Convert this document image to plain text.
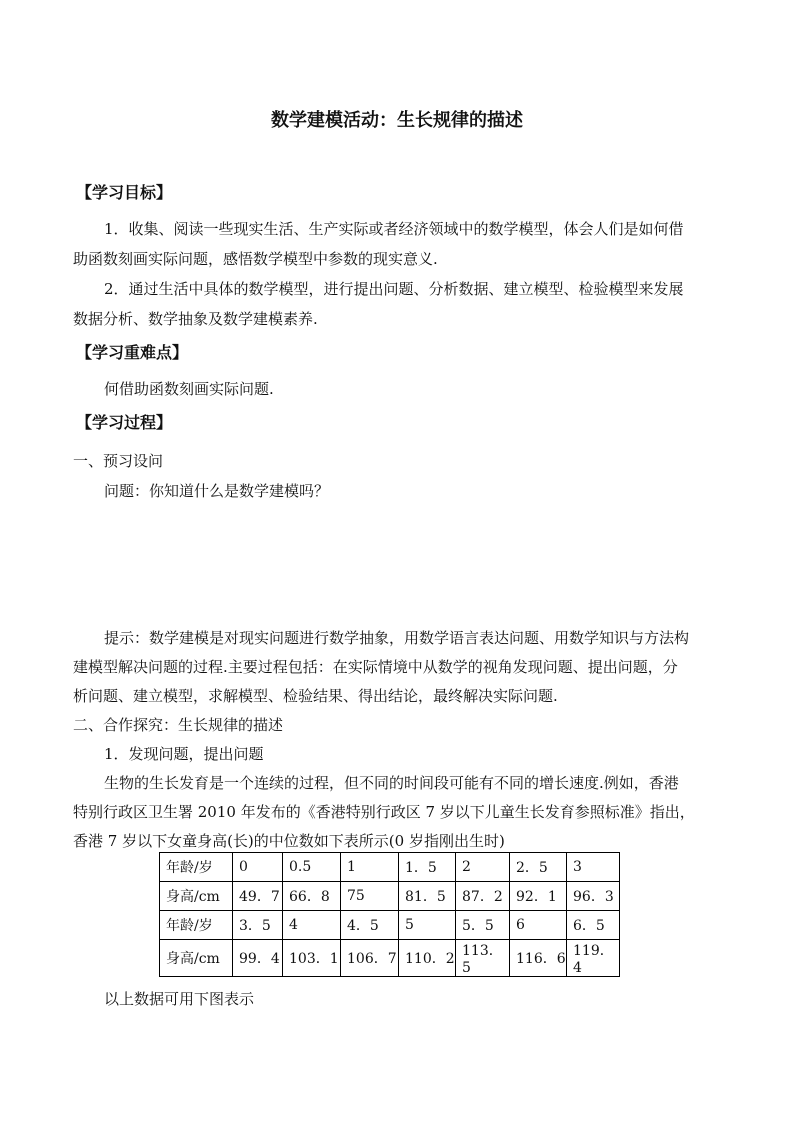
数学建模活动：生长规律的描述
【学习目标】
1．收集、阅读一些现实生活、生产实际或者经济领域中的数学模型，体会人们是如何借
助函数刻画实际问题，感悟数学模型中参数的现实意义.
2．通过生活中具体的数学模型，进行提出问题、分析数据、建立模型、检验模型来发展
数据分析、数学抽象及数学建模素养.
【学习重难点】
何借助函数刻画实际问题.
【学习过程】
一、预习设问
问题：你知道什么是数学建模吗？
提示：数学建模是对现实问题进行数学抽象，用数学语言表达问题、用数学知识与方法构
建模型解决问题的过程.主要过程包括：在实际情境中从数学的视角发现问题、提出问题，分
析问题、建立模型，求解模型、检验结果、得出结论，最终解决实际问题.
二、合作探究：生长规律的描述
1．发现问题，提出问题
生物的生长发育是一个连续的过程，但不同的时间段可能有不同的增长速度.例如，香港
特别行政区卫生署 2010 年发布的《香港特别行政区 7 岁以下儿童生长发育参照标准》指出，
香港 7 岁以下女童身高(长)的中位数如下表所示(0 岁指刚出生时)
年龄/岁	0	0.5	1	1．5	2	2．5	3
身高/cm	49．7	66．8	75	81．5	87．2	92．1	96．3
年龄/岁	3．5	4	4．5	5	5．5	6	6．5
身高/cm	99．4	103．1	106．7	110．2	113．5	116．6	119．4
以上数据可用下图表示
